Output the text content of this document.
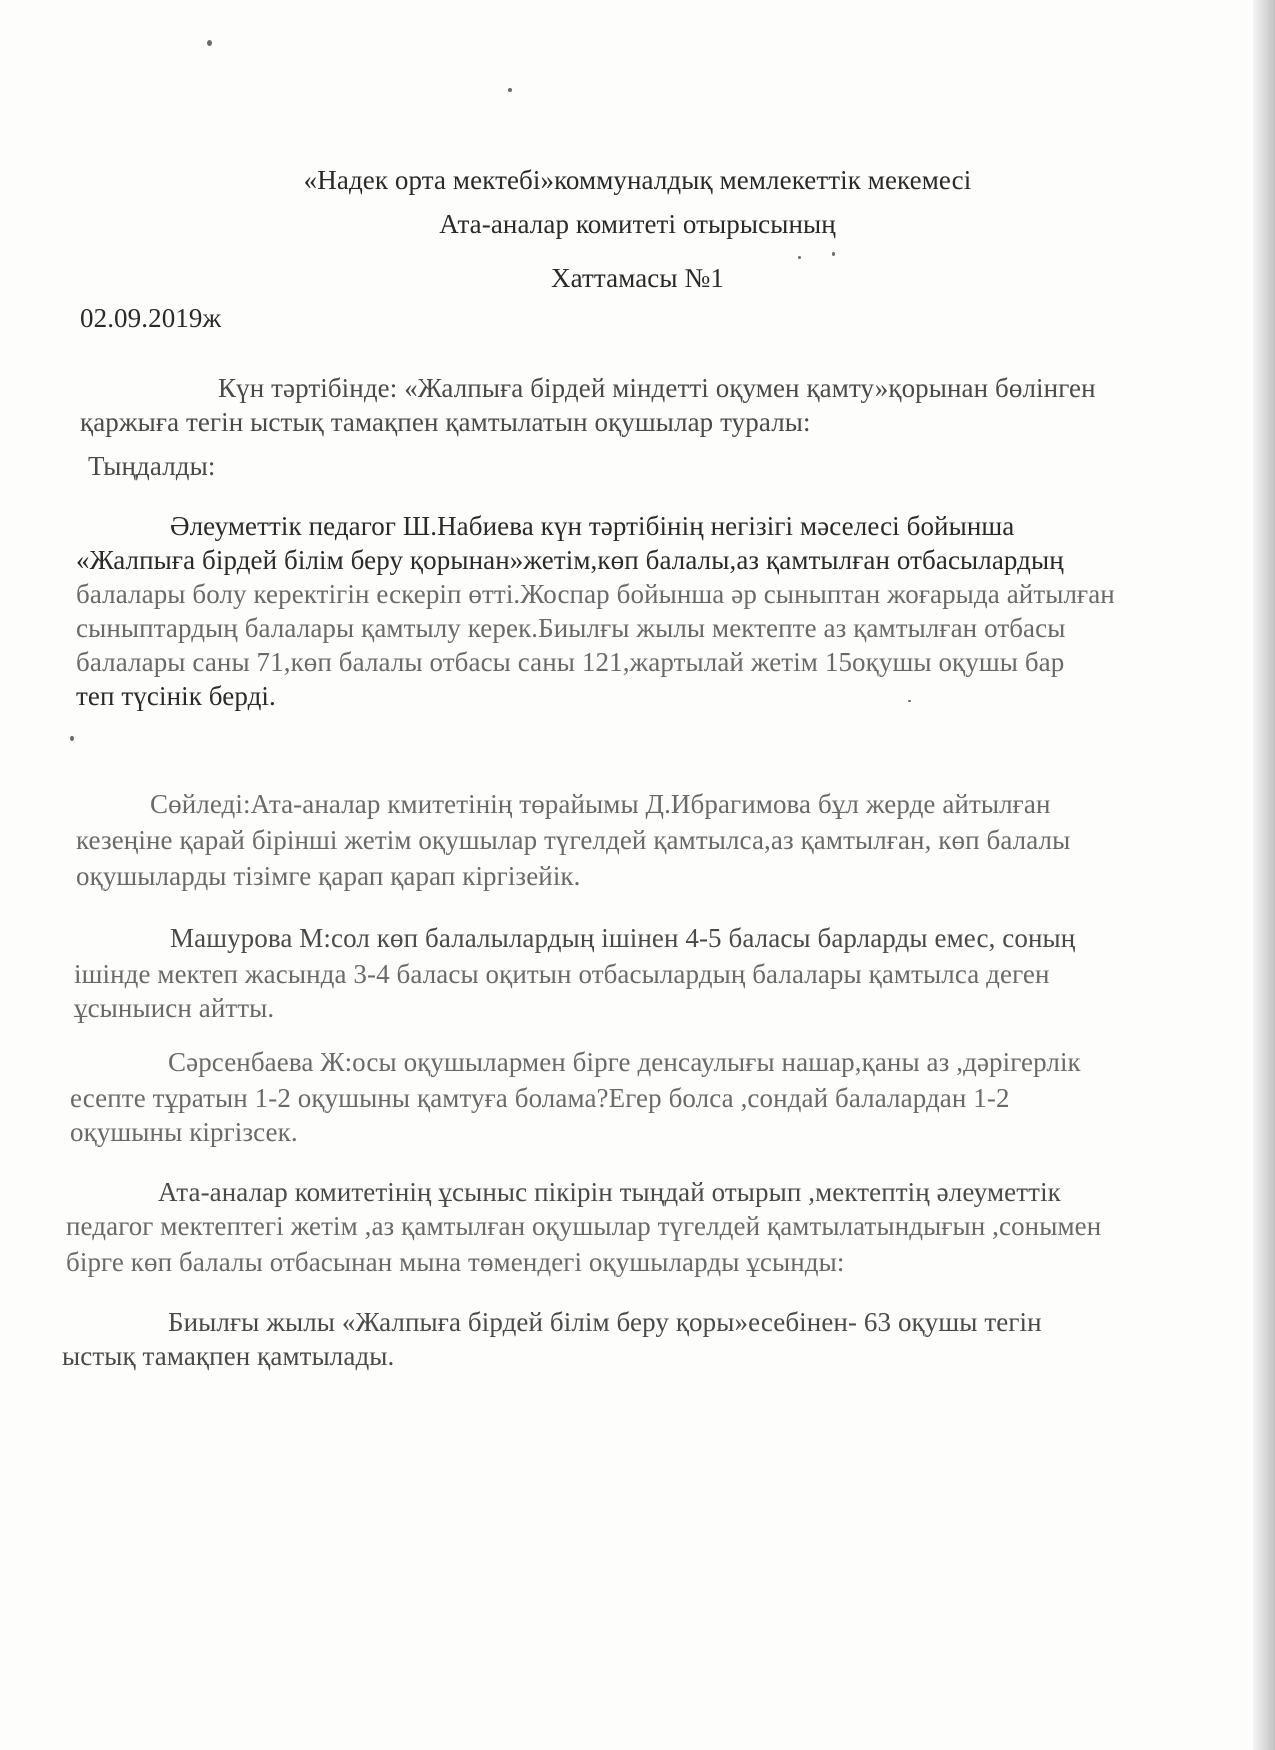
«Надек орта мектебі»коммуналдық мемлекеттік мекемесі
Ата-аналар комитеті отырысының
Хаттамасы №1
02.09.2019ж
Күн тәртібінде: «Жалпыға бірдей міндетті оқумен қамту»қорынан бөлінген
қаржыға тегін ыстық тамақпен қамтылатын оқушылар туралы:
Тыңдалды:
Әлеуметтік педагог Ш.Набиева күн тәртібінің негізігі мәселесі бойынша
«Жалпыға бірдей білім беру қорынан»жетім,көп балалы,аз қамтылған отбасылардың
балалары болу керектігін ескеріп өтті.Жоспар бойынша әр сыныптан жоғарыда айтылған
сыныптардың балалары қамтылу керек.Биылғы жылы мектепте аз қамтылған отбасы
балалары саны 71,көп балалы отбасы саны 121,жартылай жетім 15оқушы оқушы бар
теп түсінік берді.
Сөйледі:Ата-аналар кмитетінің төрайымы Д.Ибрагимова бұл жерде айтылған
кезеңіне қарай бірінші жетім оқушылар түгелдей қамтылса,аз қамтылған, көп балалы
оқушыларды тізімге қарап қарап кіргізейік.
Машурова М:сол көп балалылардың ішінен 4-5 баласы барларды емес, соның
ішінде мектеп жасында 3-4 баласы оқитын отбасылардың балалары қамтылса деген
ұсыныисн айтты.
Сәрсенбаева Ж:осы оқушылармен бірге денсаулығы нашар,қаны аз ,дәрігерлік
есепте тұратын 1-2 оқушыны қамтуға болама?Егер болса ,сондай балалардан 1-2
оқушыны кіргізсек.
Ата-аналар комитетінің ұсыныс пікірін тыңдай отырып ,мектептің әлеуметтік
педагог мектептегі жетім ,аз қамтылған оқушылар түгелдей қамтылатындығын ,сонымен
бірге көп балалы отбасынан мына төмендегі оқушыларды ұсынды:
Биылғы жылы «Жалпыға бірдей білім беру қоры»есебінен- 63 оқушы тегін
ыстық тамақпен қамтылады.
